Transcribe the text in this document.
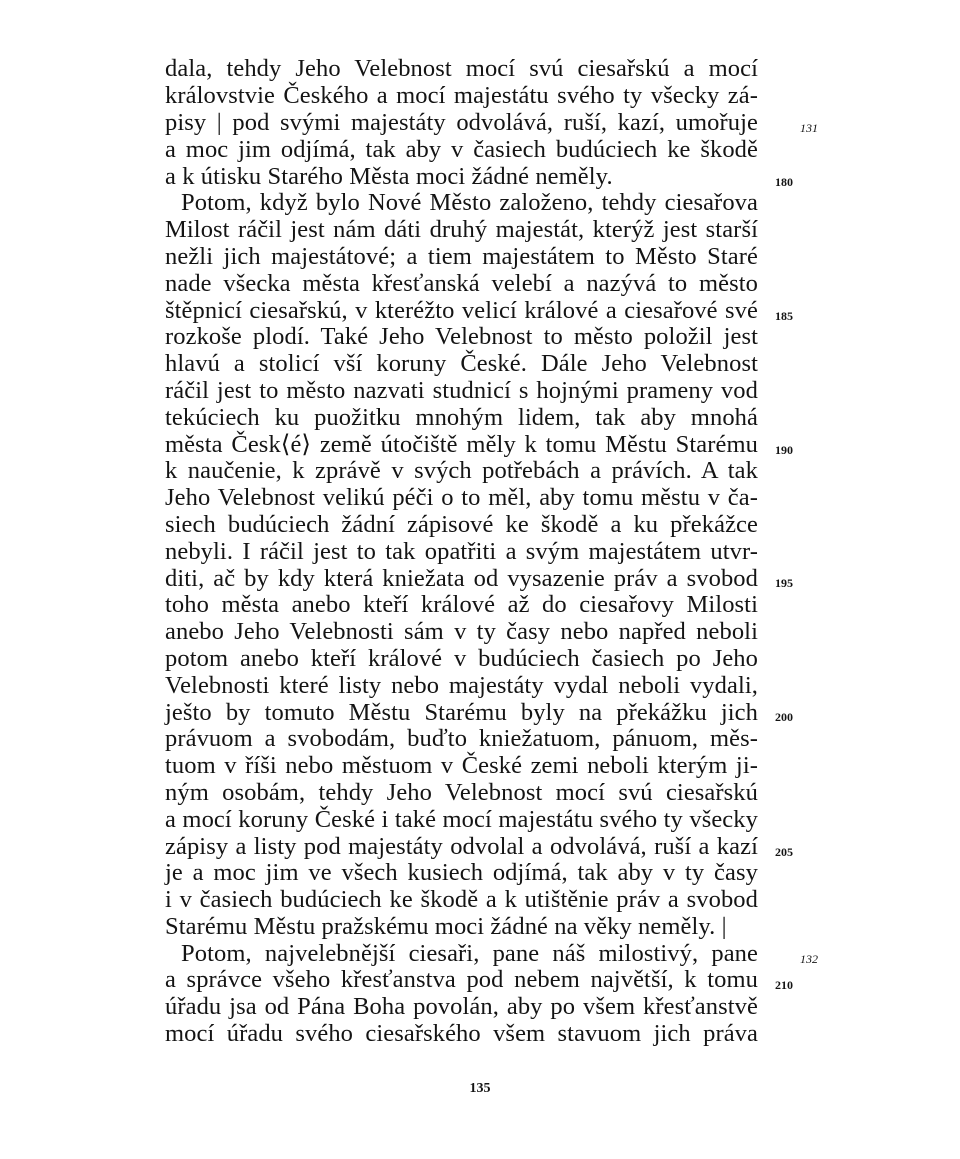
dala, tehdy Jeho Velebnost mocí svú ciesařskú a mocí
královstvie Českého a mocí majestátu svého ty všecky zá-
pisy | pod svými majestáty odvolává, ruší, kazí, umořuje
a moc jim odjímá, tak aby v časiech budúciech ke škodě
a k útisku Starého Města moci žádné neměly.
Potom, když bylo Nové Město založeno, tehdy ciesařova
Milost ráčil jest nám dáti druhý majestát, kterýž jest starší
nežli jich majestátové; a tiem majestátem to Město Staré
nade všecka města křesťanská velebí a nazývá to město
štěpnicí ciesařskú, v kteréžto velicí králové a ciesařové své
rozkoše plodí. Také Jeho Velebnost to město položil jest
hlavú a stolicí vší koruny České. Dále Jeho Velebnost
ráčil jest to město nazvati studnicí s hojnými prameny vod
tekúciech ku puožitku mnohým lidem, tak aby mnohá
města Česk⟨é⟩ země útočiště měly k tomu Městu Starému
k naučenie, k zprávě v svých potřebách a právích. A tak
Jeho Velebnost velikú péči o to měl, aby tomu městu v ča-
siech budúciech žádní zápisové ke škodě a ku překážce
nebyli. I ráčil jest to tak opatřiti a svým majestátem utvr-
diti, ač by kdy která kniežata od vysazenie práv a svobod
toho města anebo kteří králové až do ciesařovy Milosti
anebo Jeho Velebnosti sám v ty časy nebo napřed neboli
potom anebo kteří králové v budúciech časiech po Jeho
Velebnosti které listy nebo majestáty vydal neboli vydali,
ješto by tomuto Městu Starému byly na překážku jich
právuom a svobodám, buďto kniežatuom, pánuom, měs-
tuom v říši nebo městuom v České zemi neboli kterým ji-
ným osobám, tehdy Jeho Velebnost mocí svú ciesařskú
a mocí koruny České i také mocí majestátu svého ty všecky
zápisy a listy pod majestáty odvolal a odvolává, ruší a kazí
je a moc jim ve všech kusiech odjímá, tak aby v ty časy
i v časiech budúciech ke škodě a k utištěnie práv a svobod
Starému Městu pražskému moci žádné na věky neměly. |
Potom, najvelebnější ciesaři, pane náš milostivý, pane
a správce všeho křesťanstva pod nebem najvětší, k tomu
úřadu jsa od Pána Boha povolán, aby po všem křesťanstvě
mocí úřadu svého ciesařského všem stavuom jich práva
180
185
190
195
200
205
210
131
132
135
